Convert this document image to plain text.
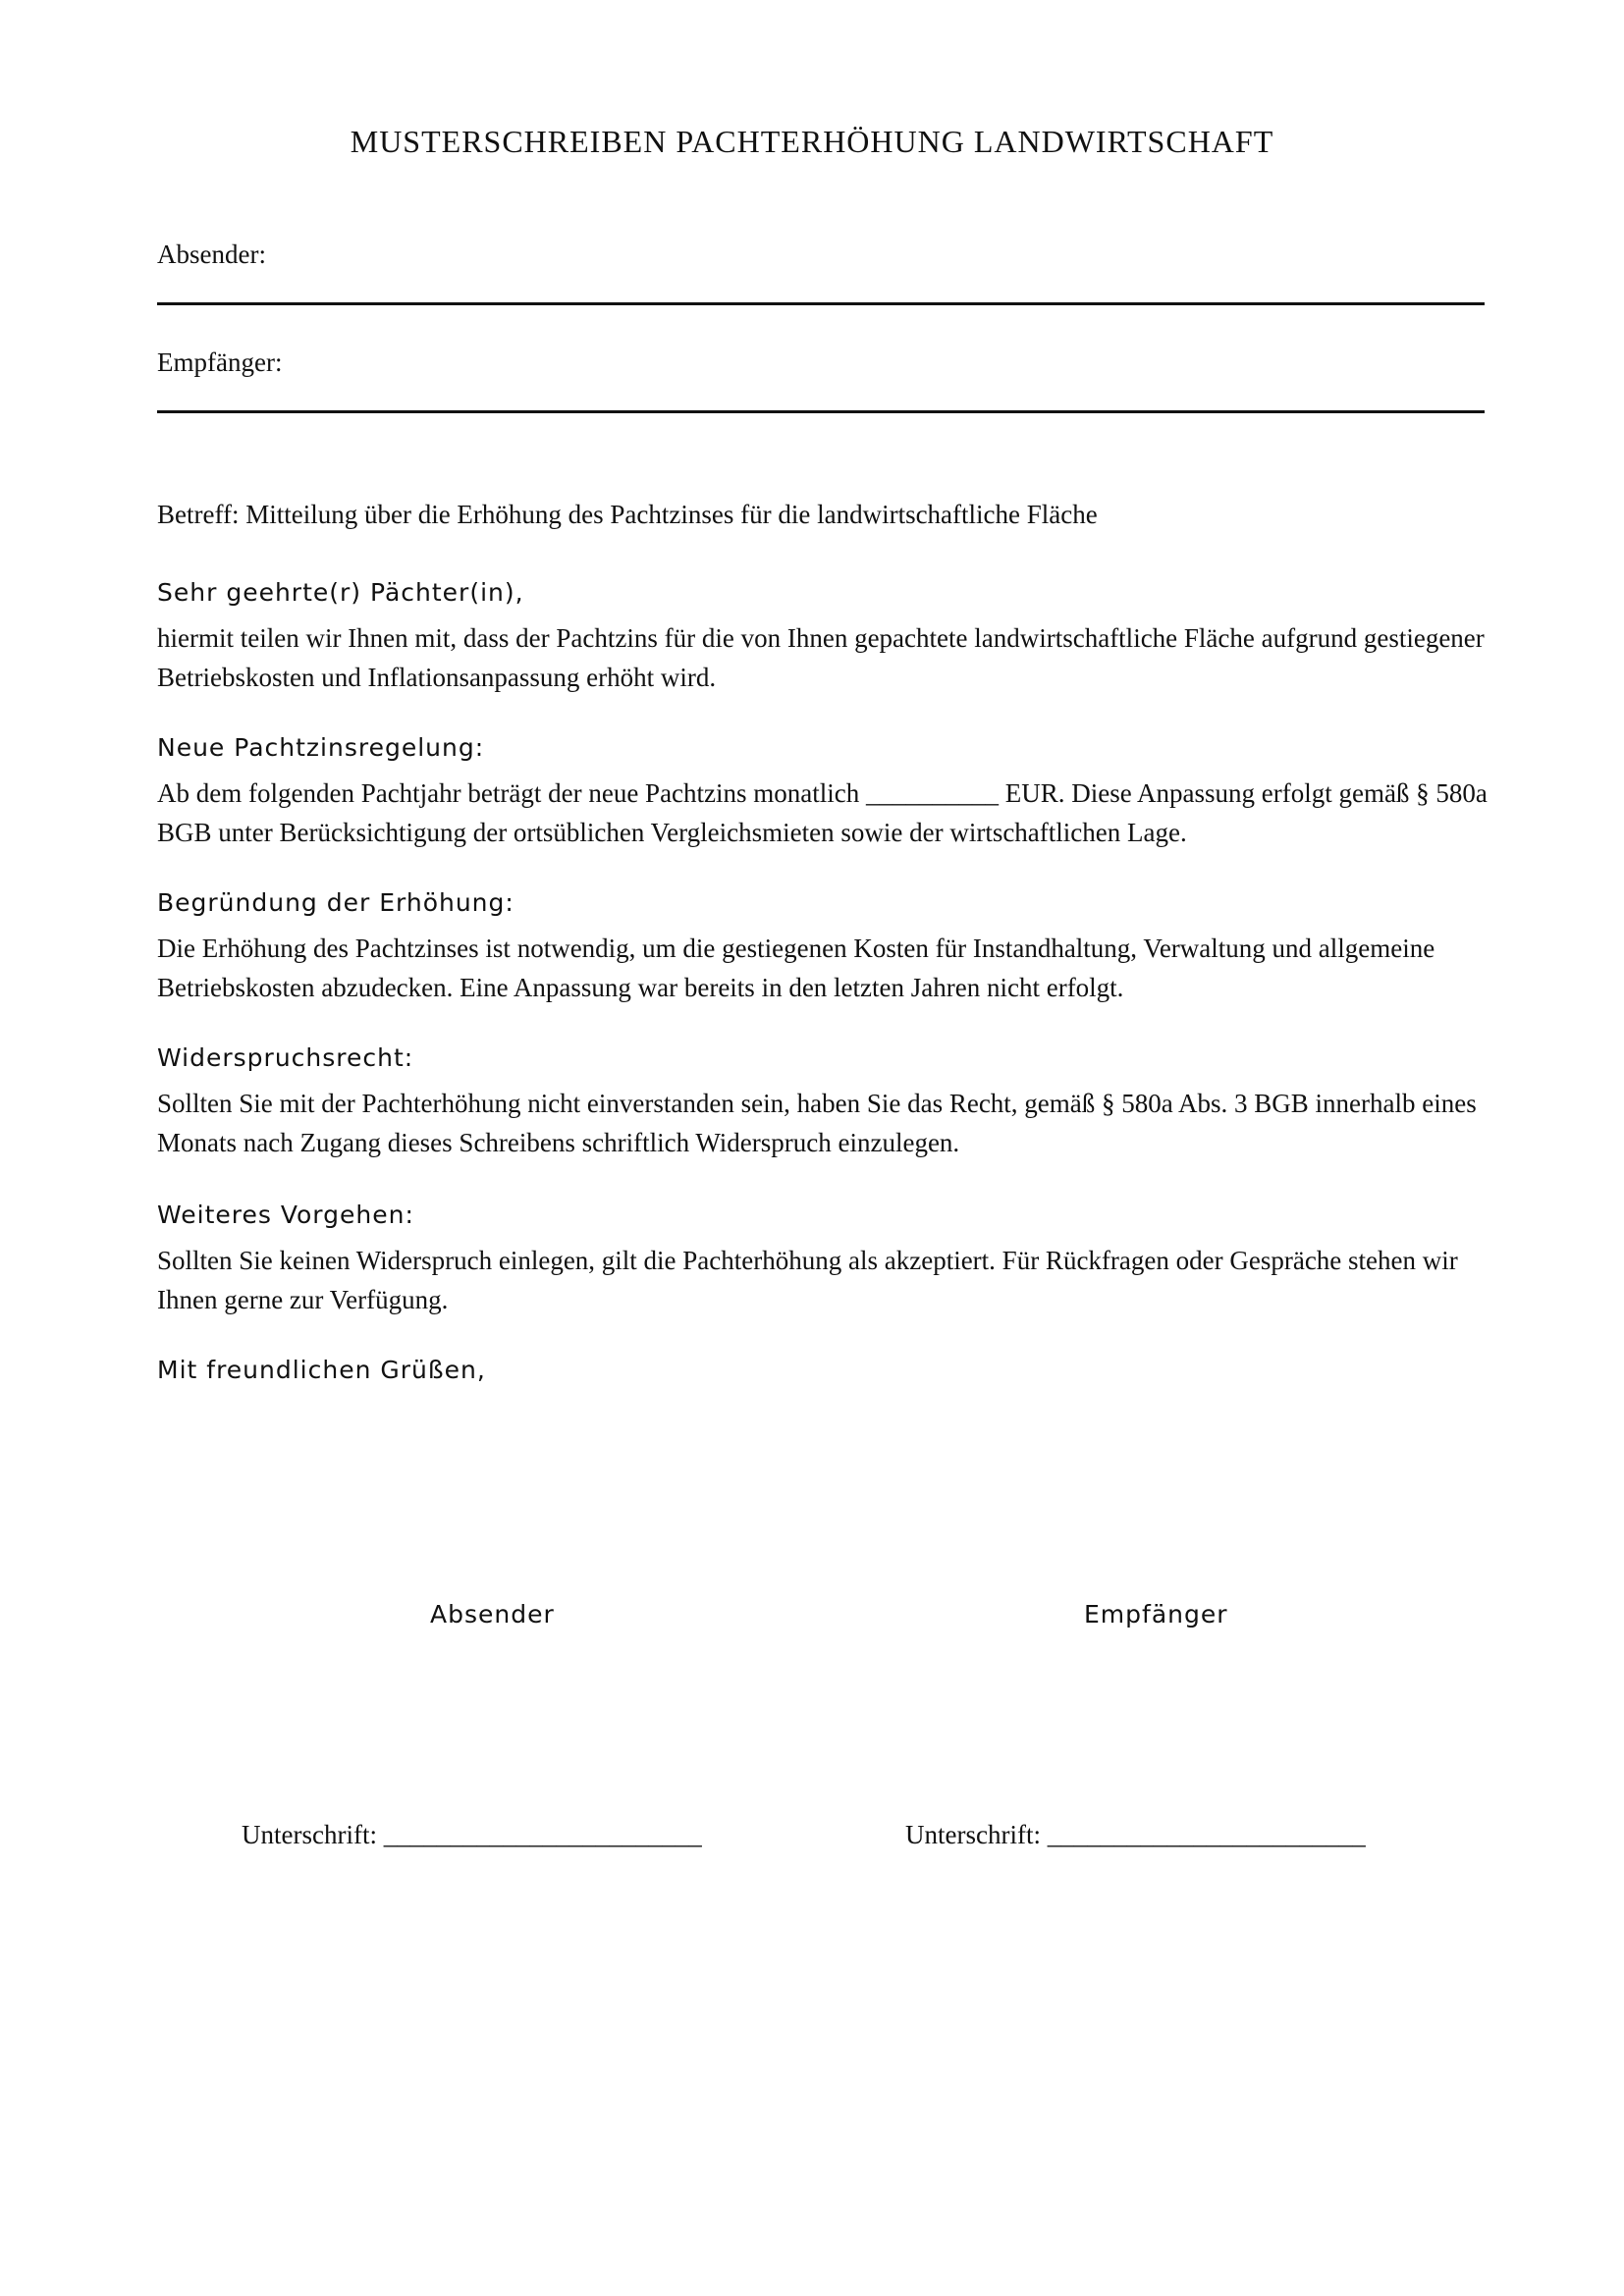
MUSTERSCHREIBEN PACHTERHÖHUNG LANDWIRTSCHAFT
Absender:
Empfänger:
Betreff: Mitteilung über die Erhöhung des Pachtzinses für die landwirtschaftliche Fläche
Sehr geehrte(r) Pächter(in),
hiermit teilen wir Ihnen mit, dass der Pachtzins für die von Ihnen gepachtete landwirtschaftliche Fläche aufgrund gestiegener Betriebskosten und Inflationsanpassung erhöht wird.
Neue Pachtzinsregelung:
Ab dem folgenden Pachtjahr beträgt der neue Pachtzins monatlich __________ EUR. Diese Anpassung erfolgt gemäß § 580a BGB unter Berücksichtigung der ortsüblichen Vergleichsmieten sowie der wirtschaftlichen Lage.
Begründung der Erhöhung:
Die Erhöhung des Pachtzinses ist notwendig, um die gestiegenen Kosten für Instandhaltung, Verwaltung und allgemeine Betriebskosten abzudecken. Eine Anpassung war bereits in den letzten Jahren nicht erfolgt.
Widerspruchsrecht:
Sollten Sie mit der Pachterhöhung nicht einverstanden sein, haben Sie das Recht, gemäß § 580a Abs. 3 BGB innerhalb eines Monats nach Zugang dieses Schreibens schriftlich Widerspruch einzulegen.
Weiteres Vorgehen:
Sollten Sie keinen Widerspruch einlegen, gilt die Pachterhöhung als akzeptiert. Für Rückfragen oder Gespräche stehen wir Ihnen gerne zur Verfügung.
Mit freundlichen Grüßen,
Absender	Empfänger
Unterschrift: ________________________	Unterschrift: ________________________
